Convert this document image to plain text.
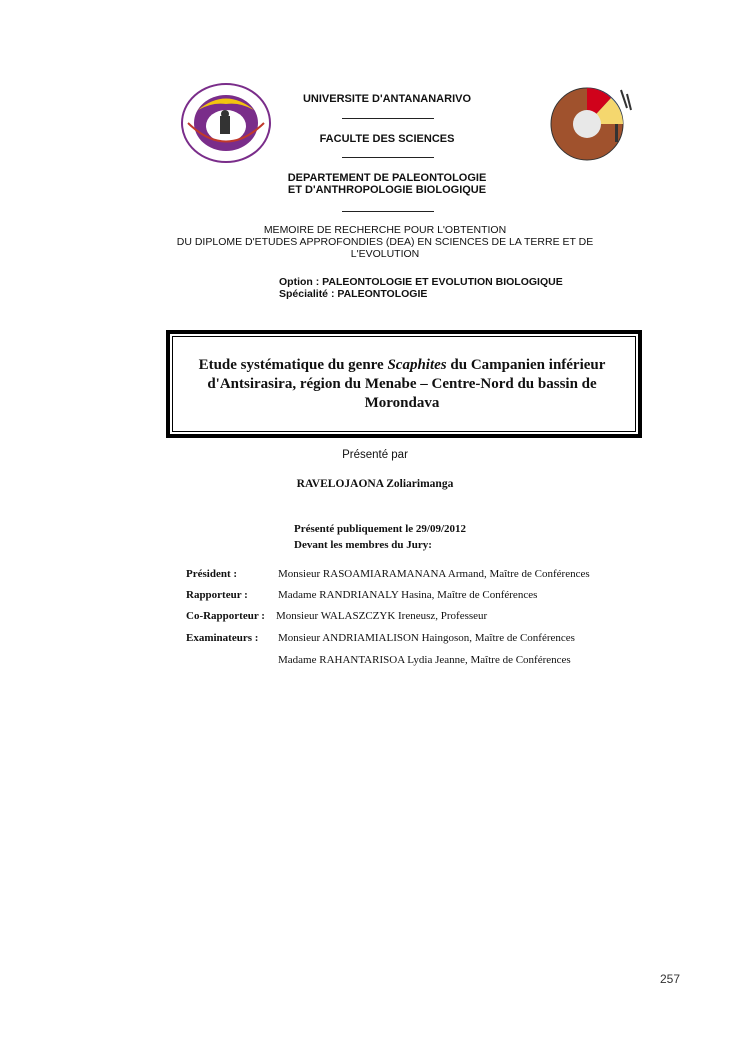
UNIVERSITE D'ANTANANARIVO
FACULTE DES SCIENCES
DEPARTEMENT DE PALEONTOLOGIE
ET D'ANTHROPOLOGIE BIOLOGIQUE
MEMOIRE DE RECHERCHE POUR L'OBTENTION
DU DIPLOME D'ETUDES APPROFONDIES (DEA) EN SCIENCES DE LA TERRE ET DE
L'EVOLUTION
Option : PALEONTOLOGIE ET EVOLUTION BIOLOGIQUE
Spécialité : PALEONTOLOGIE
Etude systématique du genre Scaphites du Campanien inférieur
d'Antsirasira, région du Menabe – Centre-Nord du bassin de
Morondava
Présenté par
RAVELOJAONA Zoliarimanga
Présenté publiquement le 29/09/2012
Devant les membres du Jury:
Président :	Monsieur RASOAMIARAMANANA Armand, Maître de Conférences
Rapporteur :	Madame RANDRIANALY Hasina, Maître de Conférences
Co-Rapporteur : Monsieur WALASZCZYK Ireneusz, Professeur
Examinateurs : Monsieur ANDRIAMIALISON Haingoson, Maître de Conférences
Madame RAHANTARISOA Lydia Jeanne, Maître de Conférences
257
